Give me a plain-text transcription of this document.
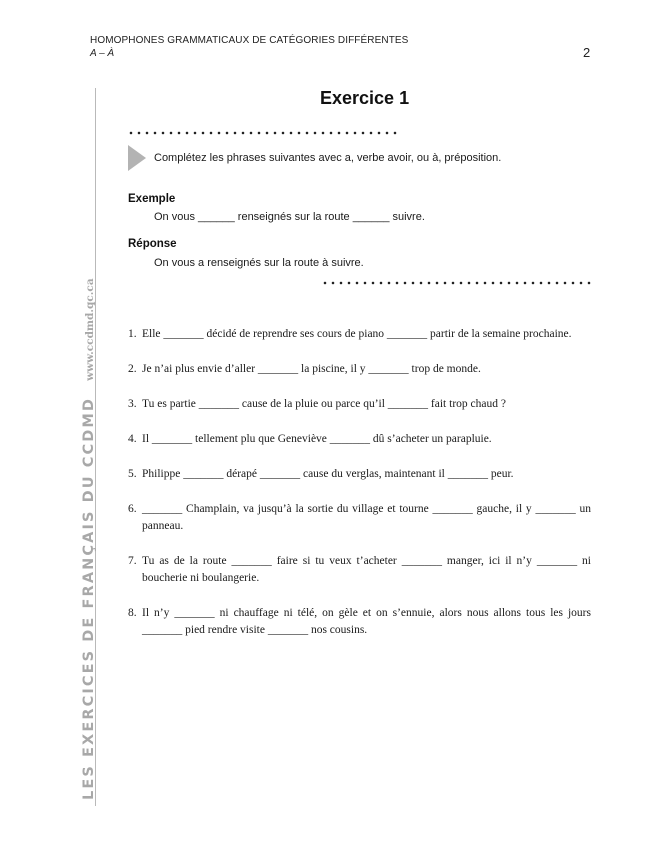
HOMOPHONES GRAMMATICAUX DE CATÉGORIES DIFFÉRENTES
A – À	2
LES EXERCICES DE FRANÇAIS DU CCDMDwww.ccdmd.qc.ca
Exercice 1
Complétez les phrases suivantes avec a, verbe avoir, ou à, préposition.
Exemple
On vous ______ renseignés sur la route ______ suivre.
Réponse
On vous a renseignés sur la route à suivre.
1. Elle _______ décidé de reprendre ses cours de piano _______ partir de la semaine prochaine.
2. Je n’ai plus envie d’aller _______ la piscine, il y _______ trop de monde.
3. Tu es partie _______ cause de la pluie ou parce qu’il _______ fait trop chaud ?
4. Il _______ tellement plu que Geneviève _______ dû s’acheter un parapluie.
5. Philippe _______ dérapé _______ cause du verglas, maintenant il _______ peur.
6. _______ Champlain, va jusqu’à la sortie du village et tourne _______ gauche, il y _______ un panneau.
7. Tu as de la route _______ faire si tu veux t’acheter _______ manger, ici il n’y _______ ni boucherie ni boulangerie.
8. Il n’y _______ ni chauffage ni télé, on gèle et on s’ennuie, alors nous allons tous les jours _______ pied rendre visite _______ nos cousins.
